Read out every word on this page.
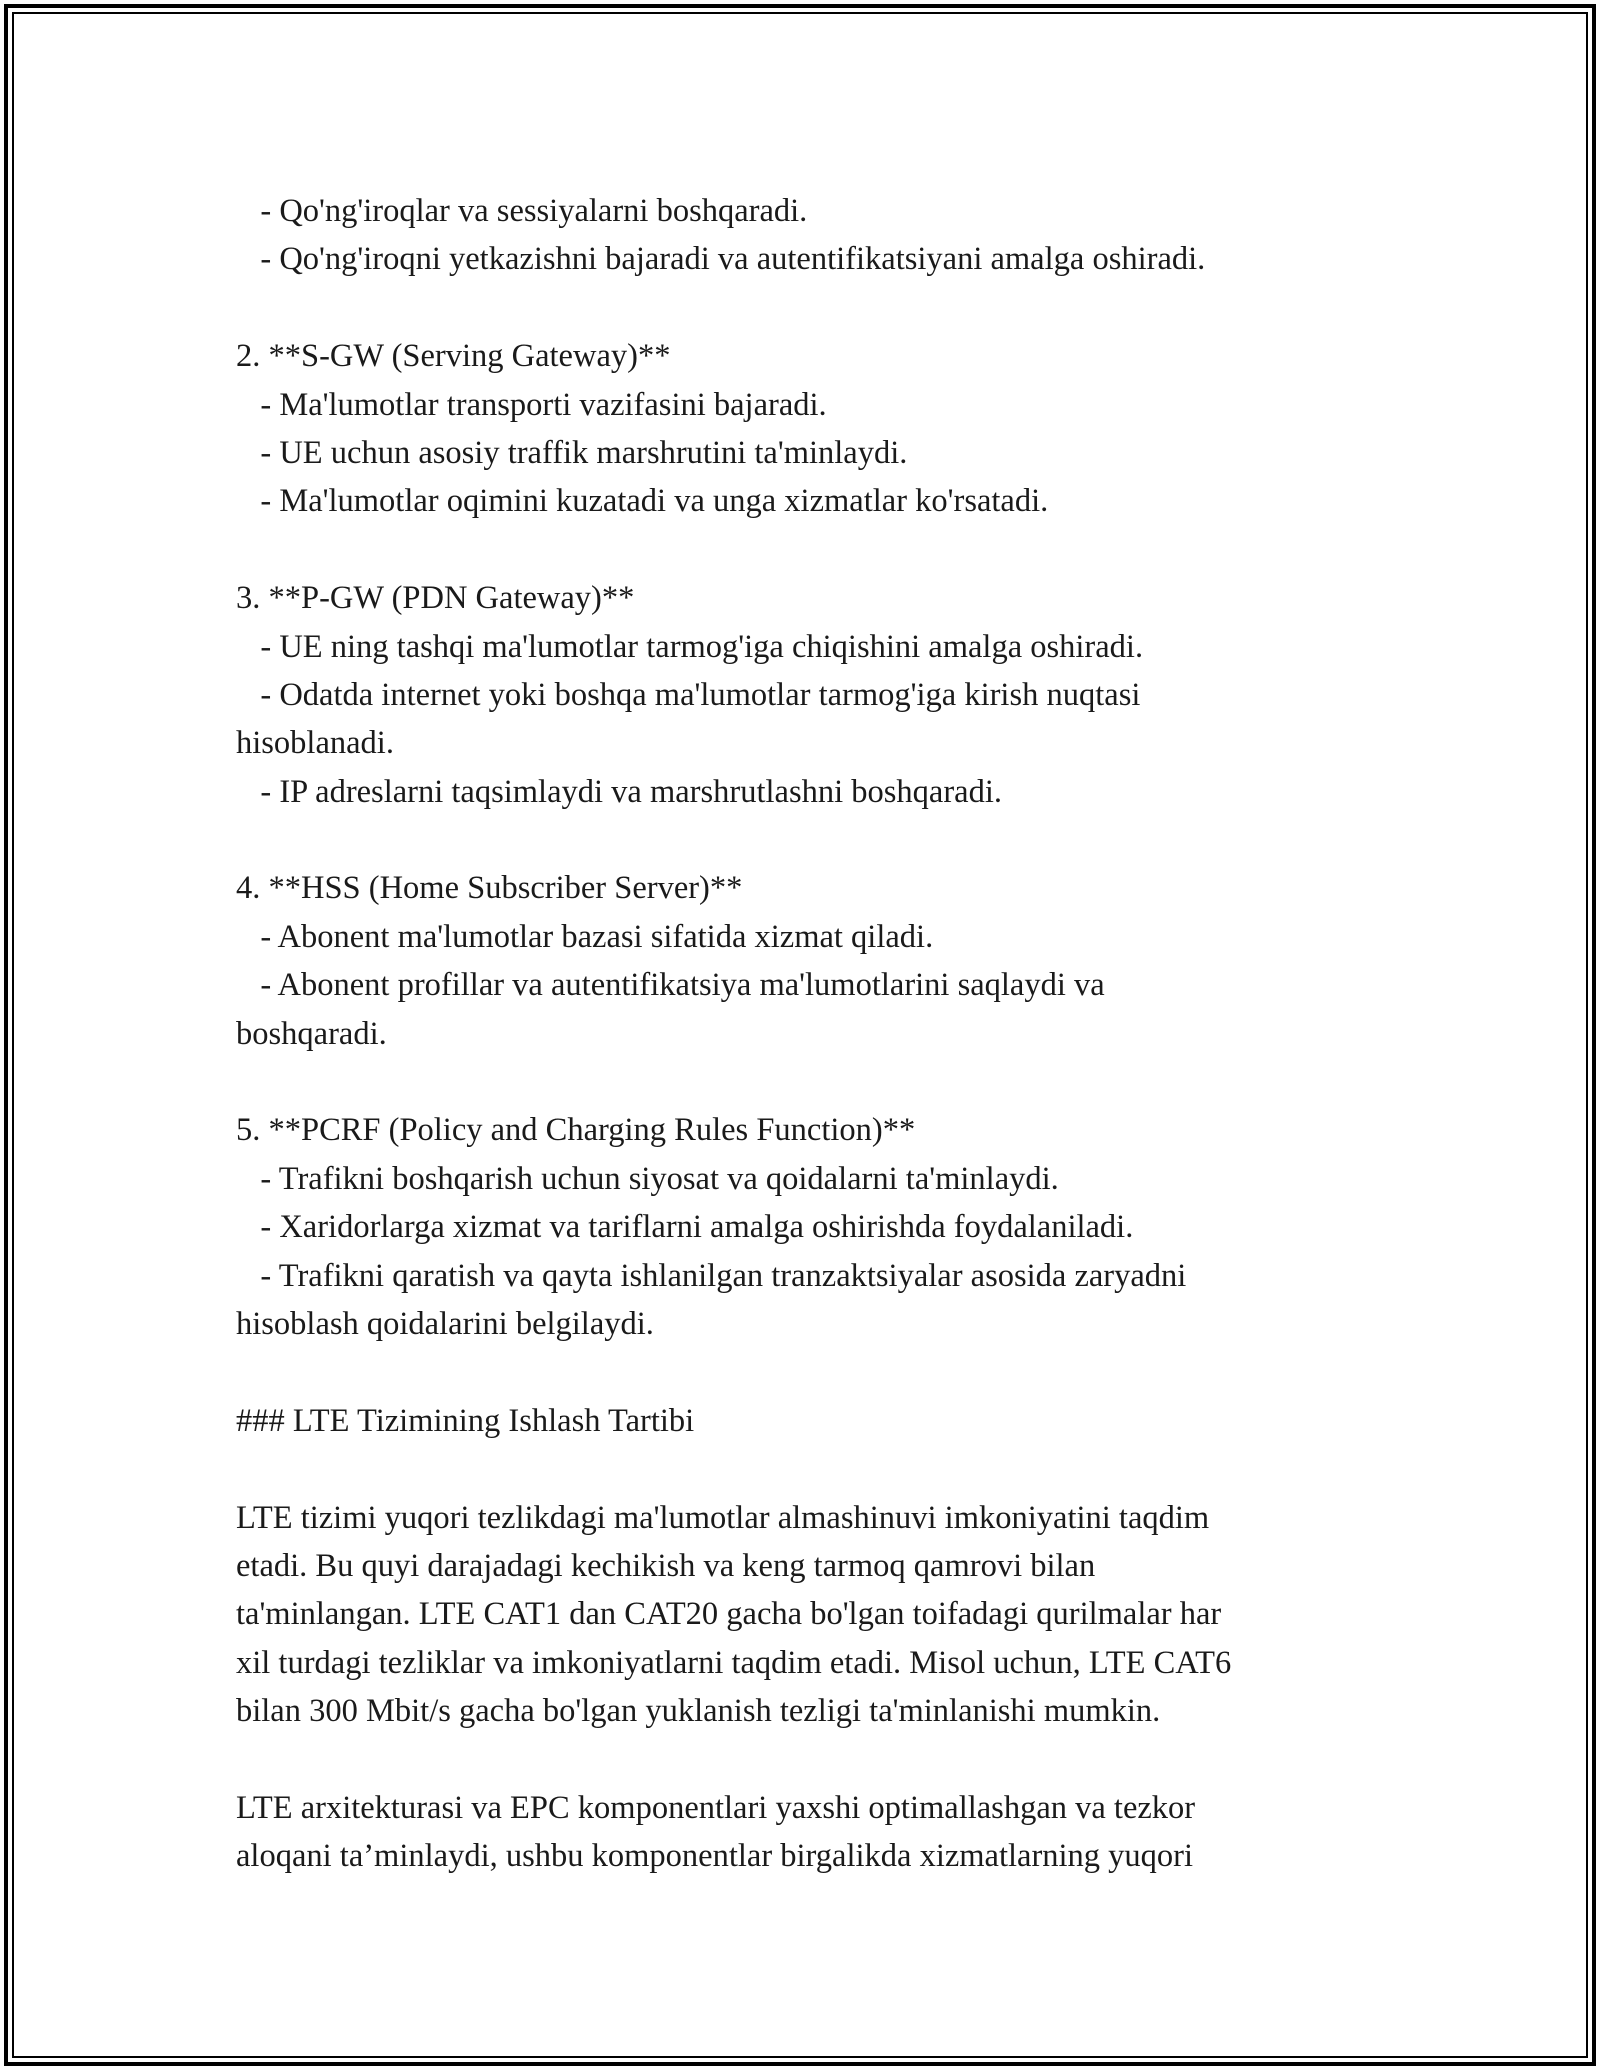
- Qo'ng'iroqlar va sessiyalarni boshqaradi.
- Qo'ng'iroqni yetkazishni bajaradi va autentifikatsiyani amalga oshiradi.
2. **S-GW (Serving Gateway)**
- Ma'lumotlar transporti vazifasini bajaradi.
- UE uchun asosiy traffik marshrutini ta'minlaydi.
- Ma'lumotlar oqimini kuzatadi va unga xizmatlar ko'rsatadi.
3. **P-GW (PDN Gateway)**
- UE ning tashqi ma'lumotlar tarmog'iga chiqishini amalga oshiradi.
- Odatda internet yoki boshqa ma'lumotlar tarmog'iga kirish nuqtasi
hisoblanadi.
- IP adreslarni taqsimlaydi va marshrutlashni boshqaradi.
4. **HSS (Home Subscriber Server)**
- Abonent ma'lumotlar bazasi sifatida xizmat qiladi.
- Abonent profillar va autentifikatsiya ma'lumotlarini saqlaydi va
boshqaradi.
5. **PCRF (Policy and Charging Rules Function)**
- Trafikni boshqarish uchun siyosat va qoidalarni ta'minlaydi.
- Xaridorlarga xizmat va tariflarni amalga oshirishda foydalaniladi.
- Trafikni qaratish va qayta ishlanilgan tranzaktsiyalar asosida zaryadni
hisoblash qoidalarini belgilaydi.
### LTE Tizimining Ishlash Tartibi
LTE tizimi yuqori tezlikdagi ma'lumotlar almashinuvi imkoniyatini taqdim
etadi. Bu quyi darajadagi kechikish va keng tarmoq qamrovi bilan
ta'minlangan. LTE CAT1 dan CAT20 gacha bo'lgan toifadagi qurilmalar har
xil turdagi tezliklar va imkoniyatlarni taqdim etadi. Misol uchun, LTE CAT6
bilan 300 Mbit/s gacha bo'lgan yuklanish tezligi ta'minlanishi mumkin.
LTE arxitekturasi va EPC komponentlari yaxshi optimallashgan va tezkor
aloqani ta’minlaydi, ushbu komponentlar birgalikda xizmatlarning yuqori
